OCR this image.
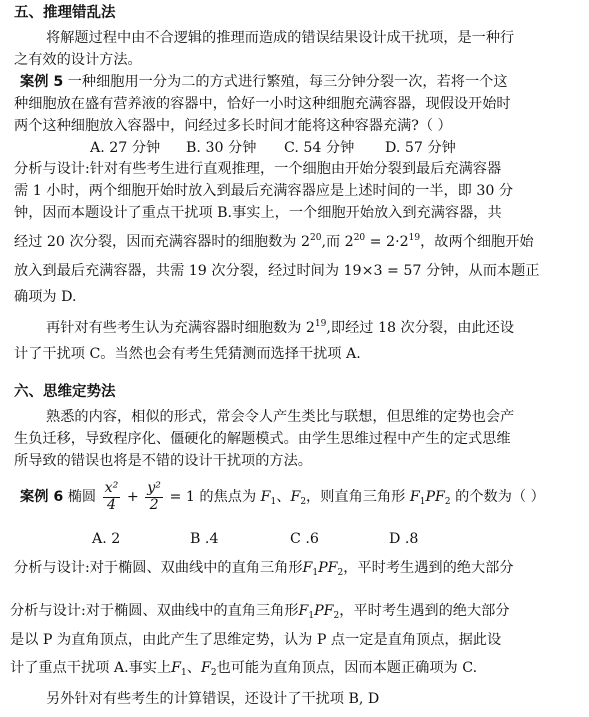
五、推理错乱法
将解题过程中由不合逻辑的推理而造成的错误结果设计成干扰项，是一种行
之有效的设计方法。
案例 5 一种细胞用一分为二的方式进行繁殖，每三分钟分裂一次，若将一个这
种细胞放在盛有营养液的容器中，恰好一小时这种细胞充满容器，现假设开始时
两个这种细胞放入容器中，问经过多长时间才能将这种容器充满?（ ）
A. 27 分钟 B. 30 分钟 C. 54 分钟 D. 57 分钟
分析与设计:针对有些考生进行直观推理，一个细胞由开始分裂到最后充满容器
需 1 小时，两个细胞开始时放入到最后充满容器应是上述时间的一半，即 30 分
钟，因而本题设计了重点干扰项 B.事实上，一个细胞开始放入到充满容器，共
经过 20 次分裂，因而充满容器时的细胞数为 $2^{20}$,而 $2^{20} = 2\cdot 2^{19}$，故两个细胞开始
放入到最后充满容器，共需 19 次分裂，经过时间为 19×3 = 57 分钟，从而本题正
确项为 D.
再针对有些考生认为充满容器时细胞数为 $2^{19}$,即经过 18 次分裂，由此还设
计了干扰项 C。当然也会有考生凭猜测而选择干扰项 A.
六、思维定势法
熟悉的内容，相似的形式，常会令人产生类比与联想，但思维的定势也会产
生负迁移，导致程序化、僵硬化的解题模式。由学生思维过程中产生的定式思维
所导致的错误也将是不错的设计干扰项的方法。
案例 6 椭圆 $\frac{\text{x²}}{4} + \frac{\text{y²}}{2} = 1$ 的焦点为 $F_1$、$F_2$，则直角三角形 $F_1PF_2$ 的个数为（ ）
A. 2	B .4	C .6	D .8
分析与设计:对于椭圆、双曲线中的直角三角形$F_1PF_2$，平时考生遇到的绝大部分
分析与设计:对于椭圆、双曲线中的直角三角形$F_1PF_2$，平时考生遇到的绝大部分
是以 P 为直角顶点，由此产生了思维定势，认为 P 点一定是直角顶点，据此设
计了重点干扰项 A.事实上$F_1$、$F_2$也可能为直角顶点，因而本题正确项为 C.
另外针对有些考生的计算错误，还设计了干扰项 B, D
